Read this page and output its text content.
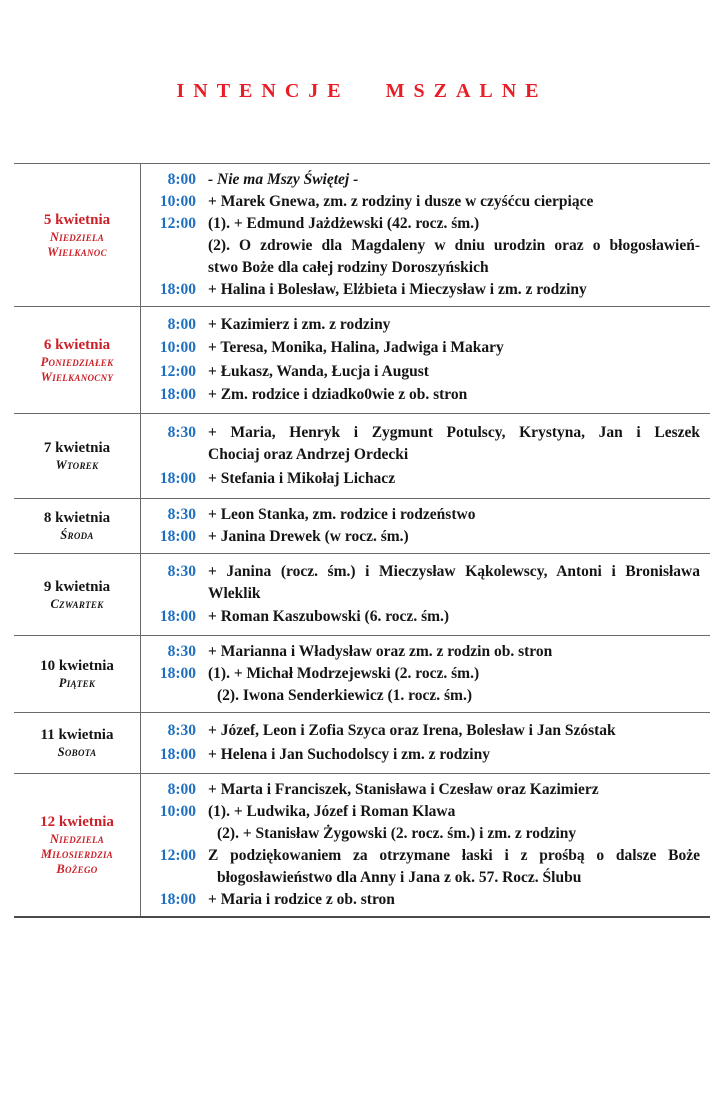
INTENCJE MSZALNE
5 kwietnia
Niedziela
Wielkanoc
8:00 - Nie ma Mszy Świętej -
10:00 + Marek Gnewa, zm. z rodziny i dusze w czyśćcu cierpiące
12:00 (1). + Edmund Jażdżewski (42. rocz. śm.)
(2). O zdrowie dla Magdaleny w dniu urodzin oraz o błogosławień-
stwo Boże dla całej rodziny Doroszyńskich
18:00 + Halina i Bolesław, Elżbieta i Mieczysław i zm. z rodziny
6 kwietnia
Poniedziałek
Wielkanocny
8:00 + Kazimierz i zm. z rodziny
10:00 + Teresa, Monika, Halina, Jadwiga i Makary
12:00 + Łukasz, Wanda, Łucja i August
18:00 + Zm. rodzice i dziadko0wie z ob. stron
7 kwietnia
Wtorek
8:30 + Maria, Henryk i Zygmunt Potulscy, Krystyna, Jan i Leszek
Chociaj oraz Andrzej Ordecki
18:00 + Stefania i Mikołaj Lichacz
8 kwietnia
Środa
8:30 + Leon Stanka, zm. rodzice i rodzeństwo
18:00 + Janina Drewek (w rocz. śm.)
9 kwietnia
Czwartek
8:30 + Janina (rocz. śm.) i Mieczysław Kąkolewscy, Antoni i Bronisława
Wleklik
18:00 + Roman Kaszubowski (6. rocz. śm.)
10 kwietnia
Piątek
8:30 + Marianna i Władysław oraz zm. z rodzin ob. stron
18:00 (1). + Michał Modrzejewski (2. rocz. śm.)
(2). Iwona Senderkiewicz (1. rocz. śm.)
11 kwietnia
Sobota
8:30 + Józef, Leon i Zofia Szyca oraz Irena, Bolesław i Jan Szóstak
18:00 + Helena i Jan Suchodolscy i zm. z rodziny
12 kwietnia
Niedziela
Miłosierdzia
Bożego
8:00 + Marta i Franciszek, Stanisława i Czesław oraz Kazimierz
10:00 (1). + Ludwika, Józef i Roman Klawa
(2). + Stanisław Żygowski (2. rocz. śm.) i zm. z rodziny
12:00 Z podziękowaniem za otrzymane łaski i z prośbą o dalsze Boże
błogosławieństwo dla Anny i Jana z ok. 57. Rocz. Ślubu
18:00 + Maria i rodzice z ob. stron
